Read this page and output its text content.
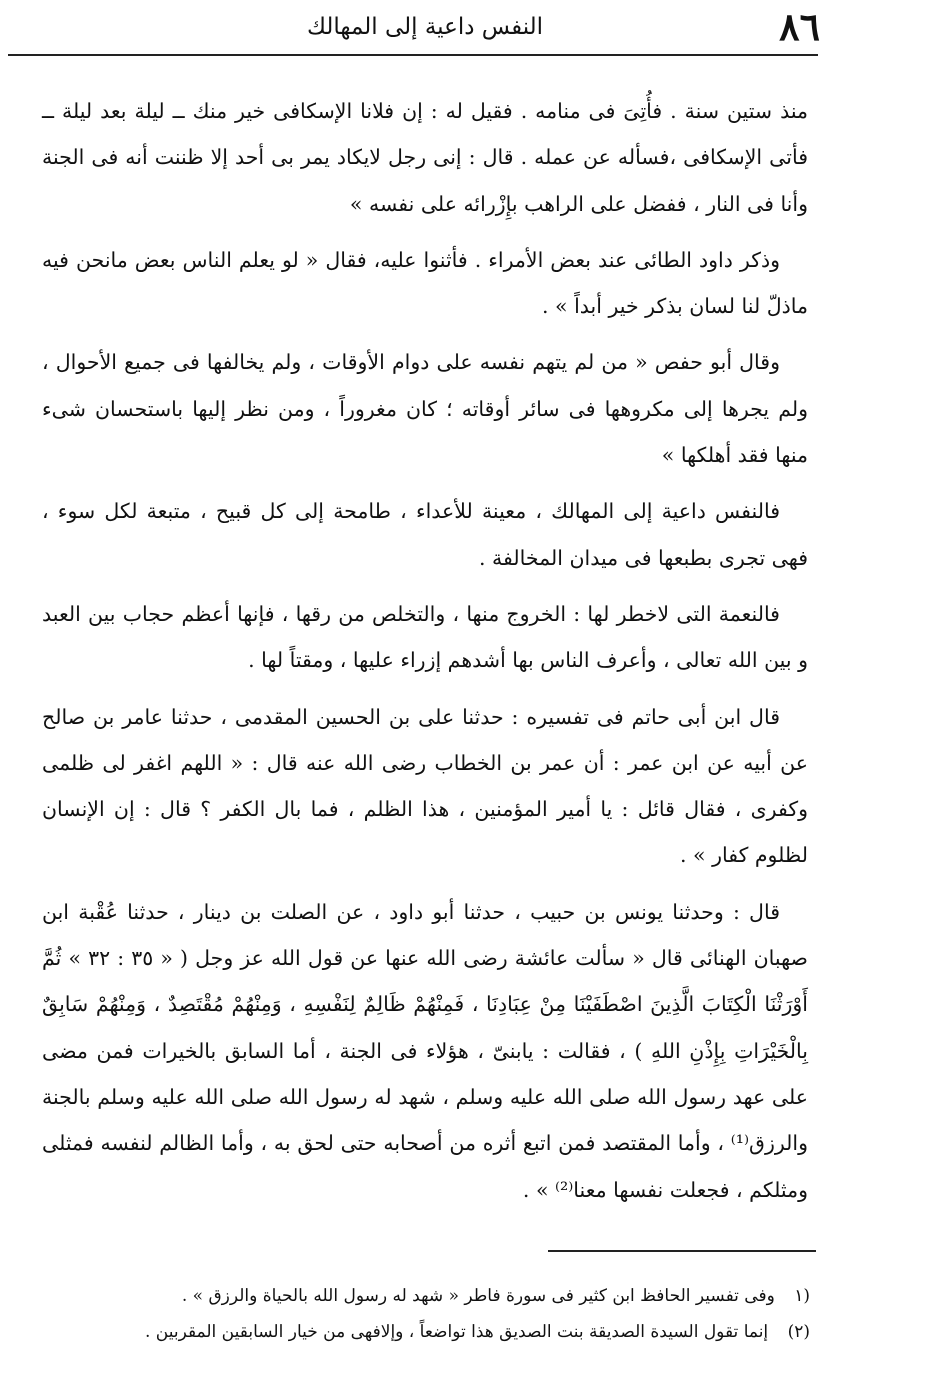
٨٦
النفس داعية إلى المهالك

منذ ستين سنة . فأُتِىَ فى منامه . فقيل له : إن فلانا الإسكافى خير منك ــ ليلة بعد ليلة ــ فأتى الإسكافى ،فسأله عن عمله . قال : إنى رجل لايكاد يمر بى أحد إلا ظننت أنه فى الجنة وأنا فى النار ، ففضل على الراهب بإِزْرائه على نفسه »

وذكر داود الطائى عند بعض الأمراء . فأثنوا عليه، فقال « لو يعلم الناس بعض مانحن فيه ماذلّ لنا لسان بذكر خير أبداً » .

وقال أبو حفص « من لم يتهم نفسه على دوام الأوقات ، ولم يخالفها فى جميع الأحوال ، ولم يجرها إلى مكروهها فى سائر أوقاته ؛ كان مغروراً ، ومن نظر إليها باستحسان شىء منها فقد أهلكها »

فالنفس داعية إلى المهالك ، معينة للأعداء ، طامحة إلى كل قبيح ، متبعة لكل سوء ، فهى تجرى بطبعها فى ميدان المخالفة .

فالنعمة التى لاخطر لها : الخروج منها ، والتخلص من رقها ، فإنها أعظم حجاب بين العبد و بين الله تعالى ، وأعرف الناس بها أشدهم إزراء عليها ، ومقتاً لها .

قال ابن أبى حاتم فى تفسيره : حدثنا على بن الحسين المقدمى ، حدثنا عامر بن صالح عن أبيه عن ابن عمر : أن عمر بن الخطاب رضى الله عنه قال : « اللهم اغفر لى ظلمى وكفرى ، فقال قائل : يا أمير المؤمنين ، هذا الظلم ، فما بال الكفر ؟ قال : إن الإنسان لظلوم كفار » .

قال : وحدثنا يونس بن حبيب ، حدثنا أبو داود ، عن الصلت بن دينار ، حدثنا عُقْبة ابن صهبان الهنائى قال « سألت عائشة رضى الله عنها عن قول الله عز وجل ( « ٣٥ : ٣٢ » ثُمَّ أَوْرَثْنَا الْكِتَابَ الَّذِينَ اصْطَفَيْنَا مِنْ عِبَادِنَا ، فَمِنْهُمْ ظَالِمٌ لِنَفْسِهِ ، وَمِنْهُمْ مُقْتَصِدٌ ، وَمِنْهُمْ سَابِقٌ بِالْخَيْرَاتِ بِإِذْنِ اللهِ ) ، فقالت : يابنىّ ، هؤلاء فى الجنة ، أما السابق بالخيرات فمن مضى على عهد رسول الله صلى الله عليه وسلم ، شهد له رسول الله صلى الله عليه وسلم بالجنة والرزق⁽¹⁾ ، وأما المقتصد فمن اتبع أثره من أصحابه حتى لحق به ، وأما الظالم لنفسه فمثلى ومثلكم ، فجعلت نفسها معنا⁽²⁾ » .

(١ وفى تفسير الحافظ ابن كثير فى سورة فاطر « شهد له رسول الله بالحياة والرزق » .

(٢) إنما تقول السيدة الصديقة بنت الصديق هذا تواضعاً ، وإلافهى من خيار السابقين المقربين .
